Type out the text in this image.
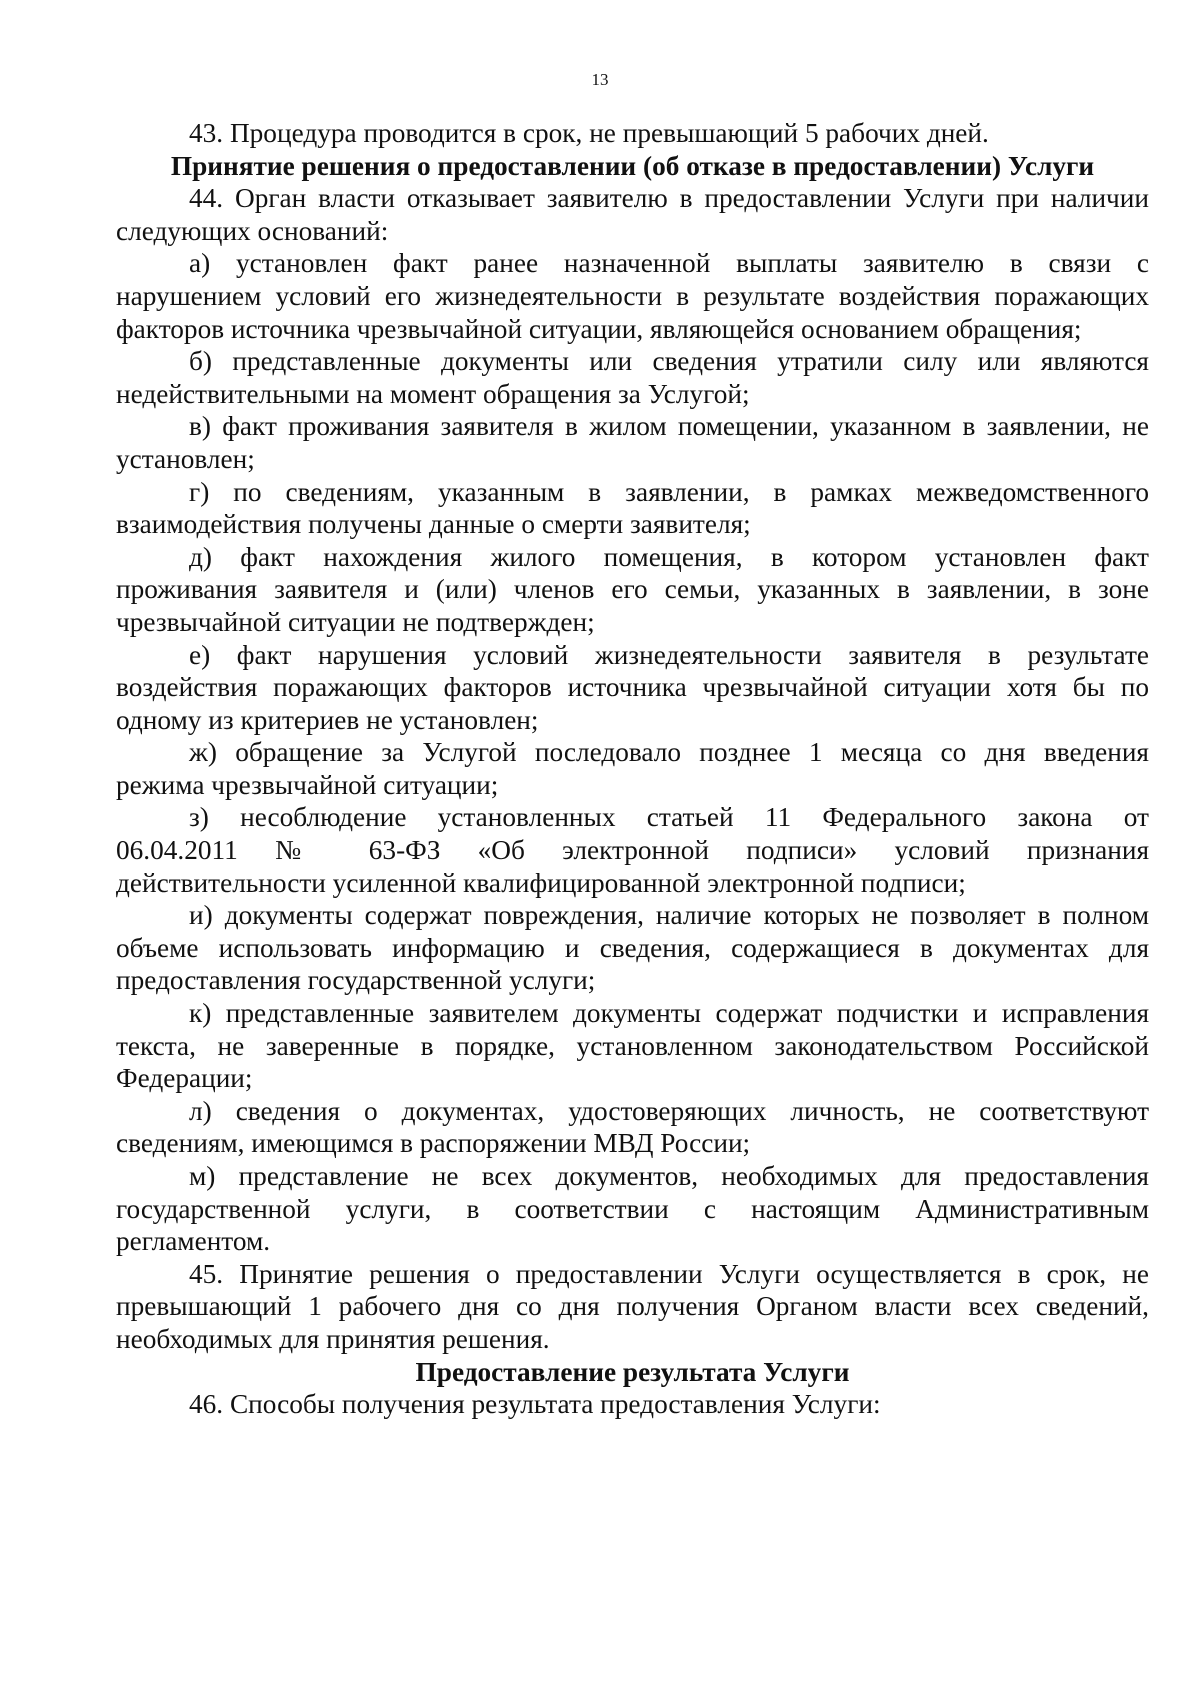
13

43. Процедура проводится в срок, не превышающий 5 рабочих дней.

Принятие решения о предоставлении (об отказе в предоставлении) Услуги

44. Орган власти отказывает заявителю в предоставлении Услуги при наличии

следующих оснований:

а) установлен факт ранее назначенной выплаты заявителю в связи с

нарушением условий его жизнедеятельности в результате воздействия поражающих

факторов источника чрезвычайной ситуации, являющейся основанием обращения;

б) представленные документы или сведения утратили силу или являются

недействительными на момент обращения за Услугой;

в) факт проживания заявителя в жилом помещении, указанном в заявлении, не

установлен;

г) по сведениям, указанным в заявлении, в рамках межведомственного

взаимодействия получены данные о смерти заявителя;

д) факт нахождения жилого помещения, в котором установлен факт

проживания заявителя и (или) членов его семьи, указанных в заявлении, в зоне

чрезвычайной ситуации не подтвержден;

е) факт нарушения условий жизнедеятельности заявителя в результате

воздействия поражающих факторов источника чрезвычайной ситуации хотя бы по

одному из критериев не установлен;

ж) обращение за Услугой последовало позднее 1 месяца со дня введения

режима чрезвычайной ситуации;

з) несоблюдение установленных статьей 11 Федерального закона от

06.04.2011 № 63-ФЗ «Об электронной подписи» условий признания

действительности усиленной квалифицированной электронной подписи;

и) документы содержат повреждения, наличие которых не позволяет в полном

объеме использовать информацию и сведения, содержащиеся в документах для

предоставления государственной услуги;

к) представленные заявителем документы содержат подчистки и исправления

текста, не заверенные в порядке, установленном законодательством Российской

Федерации;

л) сведения о документах, удостоверяющих личность, не соответствуют

сведениям, имеющимся в распоряжении МВД России;

м) представление не всех документов, необходимых для предоставления

государственной услуги, в соответствии с настоящим Административным

регламентом.

45. Принятие решения о предоставлении Услуги осуществляется в срок, не

превышающий 1 рабочего дня со дня получения Органом власти всех сведений,

необходимых для принятия решения.

Предоставление результата Услуги

46. Способы получения результата предоставления Услуги:
